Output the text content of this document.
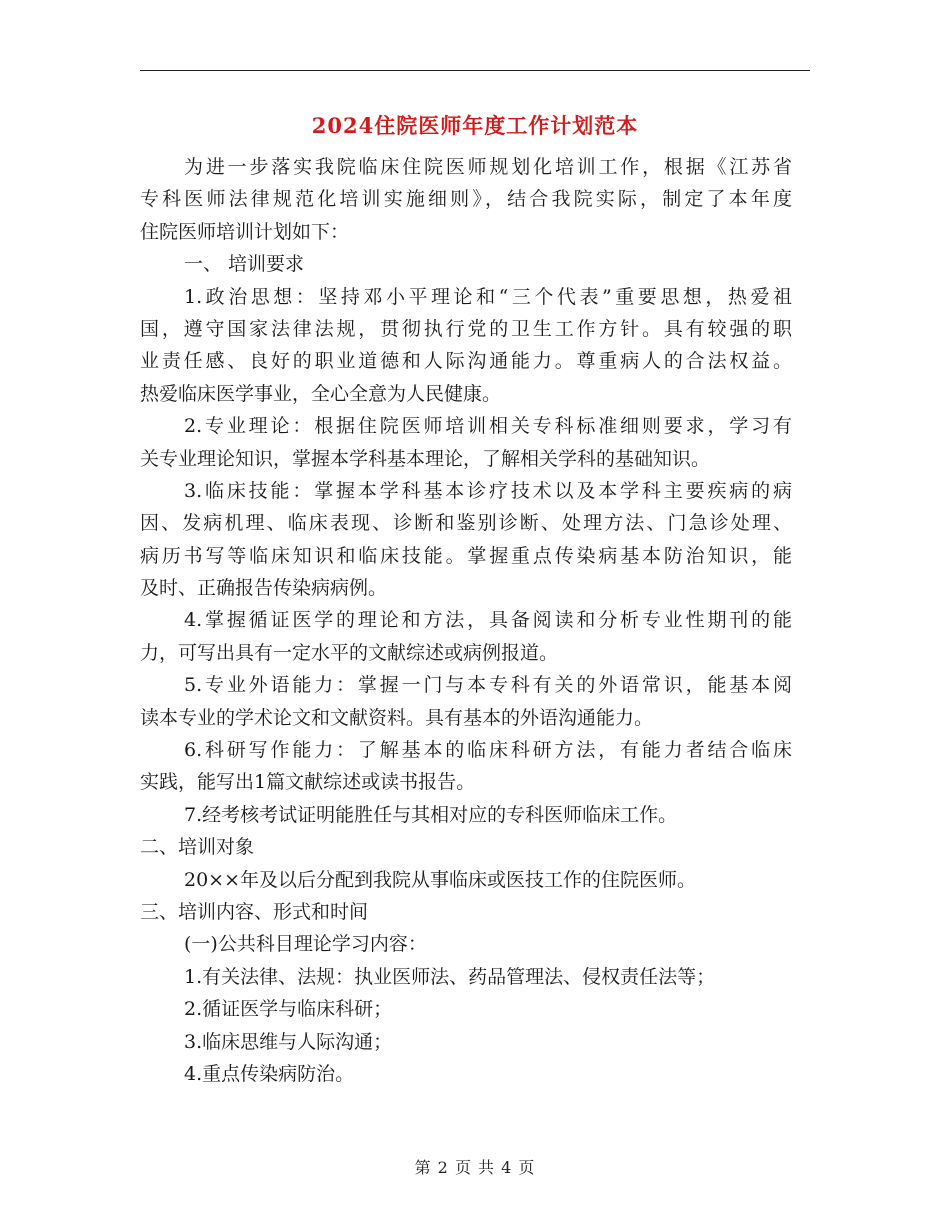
2024住院医师年度工作计划范本
为进一步落实我院临床住院医师规划化培训工作，根据《江苏省
专科医师法律规范化培训实施细则》，结合我院实际，制定了本年度
住院医师培训计划如下：
一、 培训要求
1.政治思想：坚持邓小平理论和“三个代表”重要思想，热爱祖
国，遵守国家法律法规，贯彻执行党的卫生工作方针。具有较强的职
业责任感、良好的职业道德和人际沟通能力。尊重病人的合法权益。
热爱临床医学事业，全心全意为人民健康。
2.专业理论：根据住院医师培训相关专科标准细则要求，学习有
关专业理论知识，掌握本学科基本理论，了解相关学科的基础知识。
3.临床技能：掌握本学科基本诊疗技术以及本学科主要疾病的病
因、发病机理、临床表现、诊断和鉴别诊断、处理方法、门急诊处理、
病历书写等临床知识和临床技能。掌握重点传染病基本防治知识，能
及时、正确报告传染病病例。
4.掌握循证医学的理论和方法，具备阅读和分析专业性期刊的能
力，可写出具有一定水平的文献综述或病例报道。
5.专业外语能力：掌握一门与本专科有关的外语常识，能基本阅
读本专业的学术论文和文献资料。具有基本的外语沟通能力。
6.科研写作能力：了解基本的临床科研方法，有能力者结合临床
实践，能写出1篇文献综述或读书报告。
7.经考核考试证明能胜任与其相对应的专科医师临床工作。
二、培训对象
20××年及以后分配到我院从事临床或医技工作的住院医师。
三、培训内容、形式和时间
(一)公共科目理论学习内容：
1.有关法律、法规：执业医师法、药品管理法、侵权责任法等；
2.循证医学与临床科研；
3.临床思维与人际沟通；
4.重点传染病防治。
第 2 页 共 4 页
